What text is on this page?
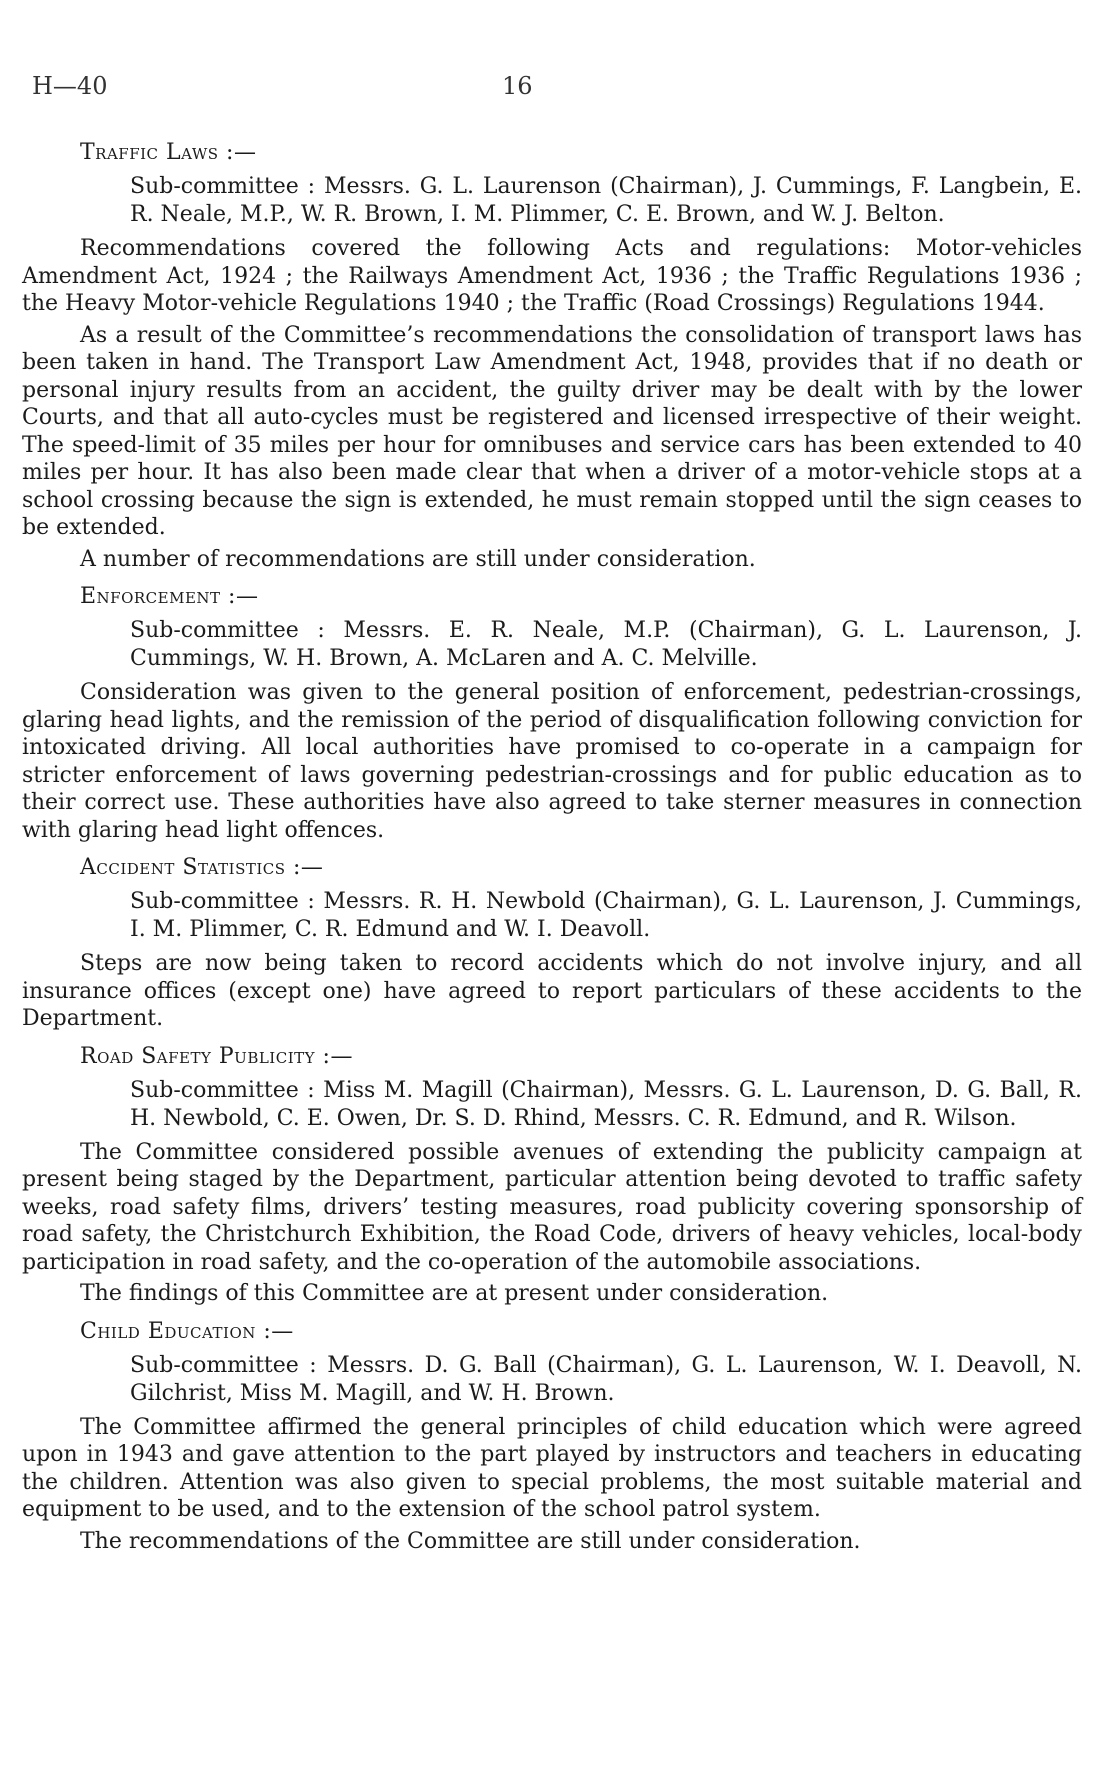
H—40	16
Traffic Laws :—
Sub-committee : Messrs. G. L. Laurenson (Chairman), J. Cummings, F. Langbein, E. R. Neale, M.P., W. R. Brown, I. M. Plimmer, C. E. Brown, and W. J. Belton.

Recommendations covered the following Acts and regulations: Motor-vehicles Amendment Act, 1924 ; the Railways Amendment Act, 1936 ; the Traffic Regulations 1936 ; the Heavy Motor-vehicle Regulations 1940 ; the Traffic (Road Crossings) Regulations 1944.

As a result of the Committee’s recommendations the consolidation of transport laws has been taken in hand. The Transport Law Amendment Act, 1948, provides that if no death or personal injury results from an accident, the guilty driver may be dealt with by the lower Courts, and that all auto-cycles must be registered and licensed irrespective of their weight. The speed-limit of 35 miles per hour for omnibuses and service cars has been extended to 40 miles per hour. It has also been made clear that when a driver of a motor-vehicle stops at a school crossing because the sign is extended, he must remain stopped until the sign ceases to be extended.

A number of recommendations are still under consideration.

Enforcement :—
Sub-committee : Messrs. E. R. Neale, M.P. (Chairman), G. L. Laurenson, J. Cummings, W. H. Brown, A. McLaren and A. C. Melville.

Consideration was given to the general position of enforcement, pedestrian-crossings, glaring head lights, and the remission of the period of disqualification following conviction for intoxicated driving. All local authorities have promised to co-operate in a campaign for stricter enforcement of laws governing pedestrian-crossings and for public education as to their correct use. These authorities have also agreed to take sterner measures in connection with glaring head light offences.

Accident Statistics :—
Sub-committee : Messrs. R. H. Newbold (Chairman), G. L. Laurenson, J. Cummings, I. M. Plimmer, C. R. Edmund and W. I. Deavoll.

Steps are now being taken to record accidents which do not involve injury, and all insurance offices (except one) have agreed to report particulars of these accidents to the Department.

Road Safety Publicity :—
Sub-committee : Miss M. Magill (Chairman), Messrs. G. L. Laurenson, D. G. Ball, R. H. Newbold, C. E. Owen, Dr. S. D. Rhind, Messrs. C. R. Edmund, and R. Wilson.

The Committee considered possible avenues of extending the publicity campaign at present being staged by the Department, particular attention being devoted to traffic safety weeks, road safety films, drivers’ testing measures, road publicity covering sponsorship of road safety, the Christchurch Exhibition, the Road Code, drivers of heavy vehicles, local-body participation in road safety, and the co-operation of the automobile associations.

The findings of this Committee are at present under consideration.

Child Education :—
Sub-committee : Messrs. D. G. Ball (Chairman), G. L. Laurenson, W. I. Deavoll, N. Gilchrist, Miss M. Magill, and W. H. Brown.

The Committee affirmed the general principles of child education which were agreed upon in 1943 and gave attention to the part played by instructors and teachers in educating the children. Attention was also given to special problems, the most suitable material and equipment to be used, and to the extension of the school patrol system.

The recommendations of the Committee are still under consideration.
